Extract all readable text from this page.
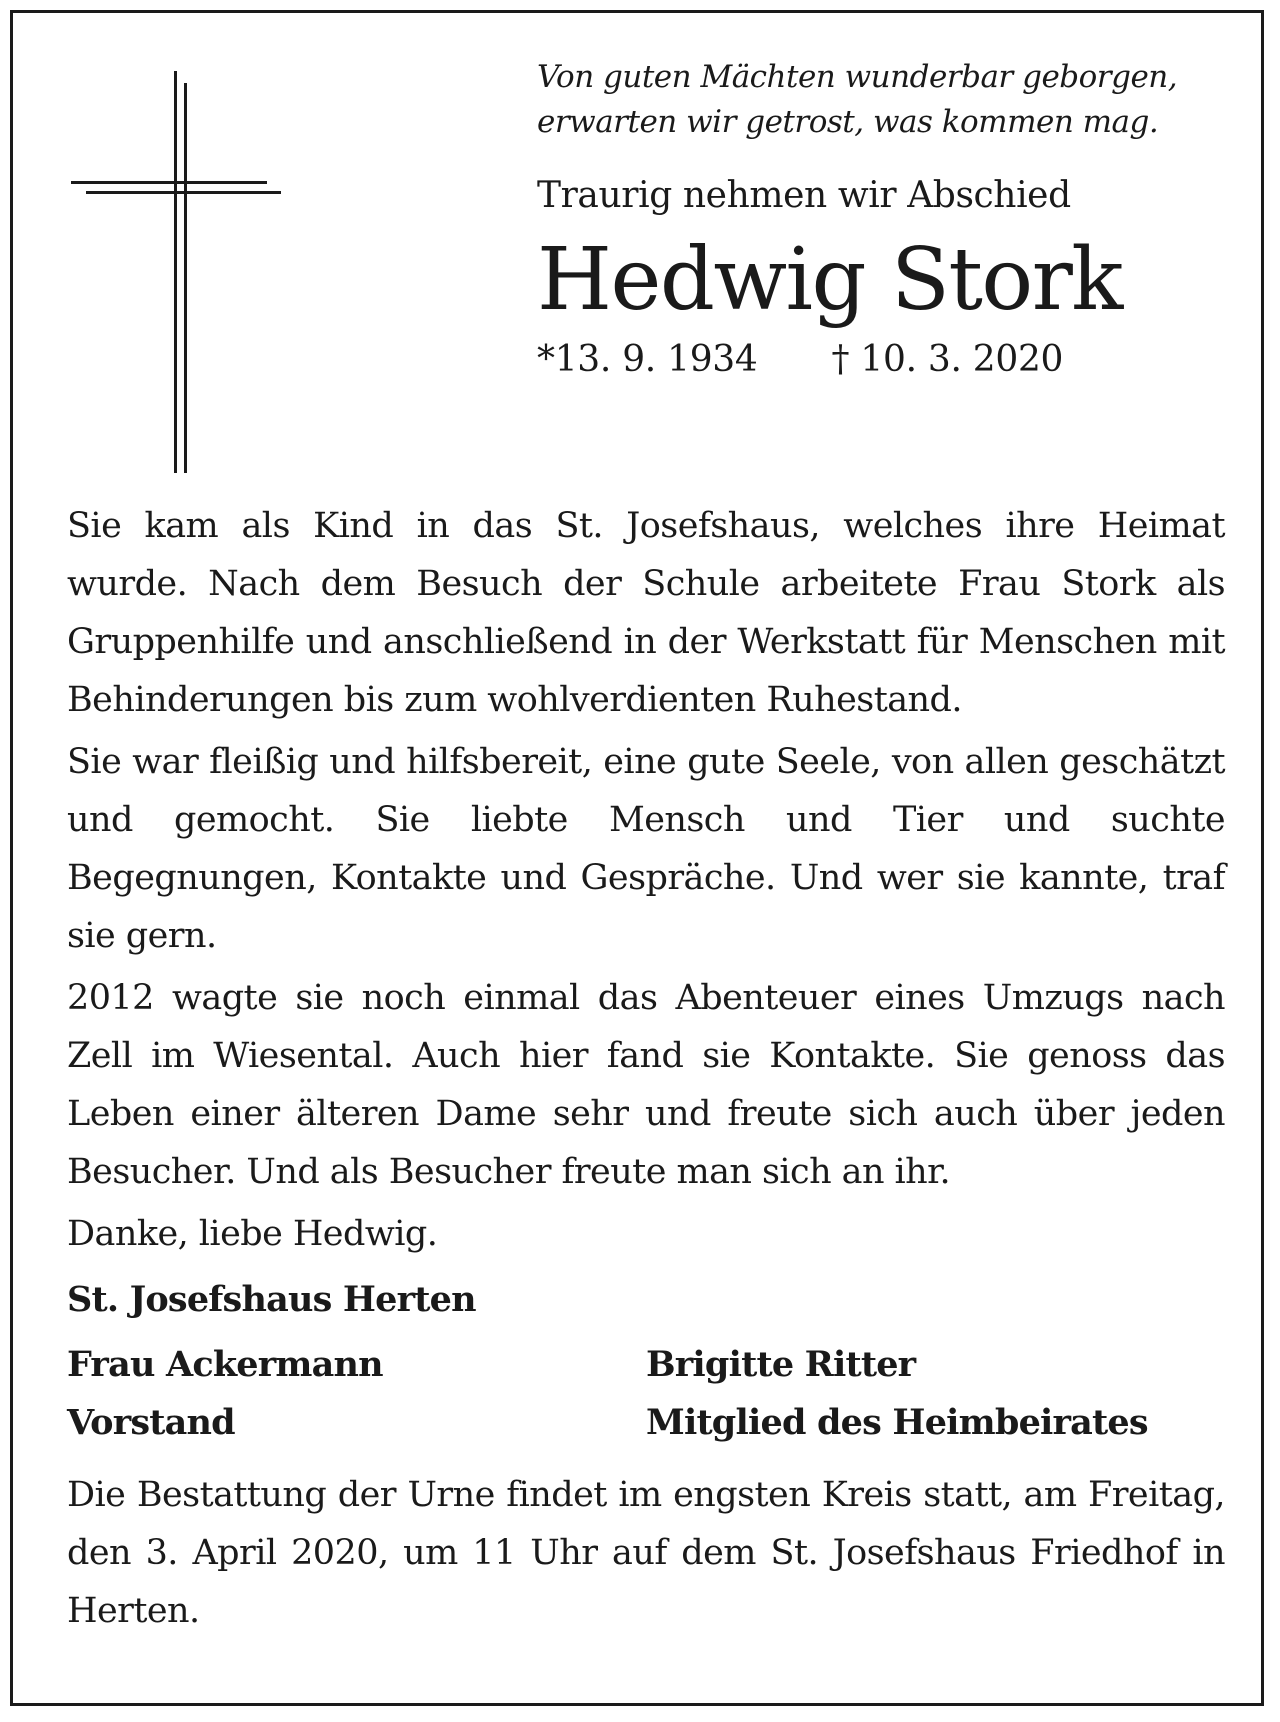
Von guten Mächten wunderbar geborgen,
erwarten wir getrost, was kommen mag.
Traurig nehmen wir Abschied
Hedwig Stork
*13. 9. 1934 † 10. 3. 2020

Sie kam als Kind in das St. Josefshaus, welches ihre Heimat wurde. Nach dem Besuch der Schule arbeitete Frau Stork als Gruppenhilfe und anschließend in der Werkstatt für Menschen mit Behinderungen bis zum wohlverdienten Ruhestand.

Sie war fleißig und hilfsbereit, eine gute Seele, von allen geschätzt und gemocht. Sie liebte Mensch und Tier und suchte Begegnungen, Kontakte und Gespräche. Und wer sie kannte, traf sie gern.

2012 wagte sie noch einmal das Abenteuer eines Umzugs nach Zell im Wiesental. Auch hier fand sie Kontakte. Sie genoss das Leben einer älteren Dame sehr und freute sich auch über jeden Besucher. Und als Besucher freute man sich an ihr.

Danke, liebe Hedwig.

St. Josefshaus Herten
Frau Ackermann
Vorstand
Brigitte Ritter
Mitglied des Heimbeirates

Die Bestattung der Urne findet im engsten Kreis statt, am Freitag, den 3. April 2020, um 11 Uhr auf dem St. Josefshaus Friedhof in Herten.
